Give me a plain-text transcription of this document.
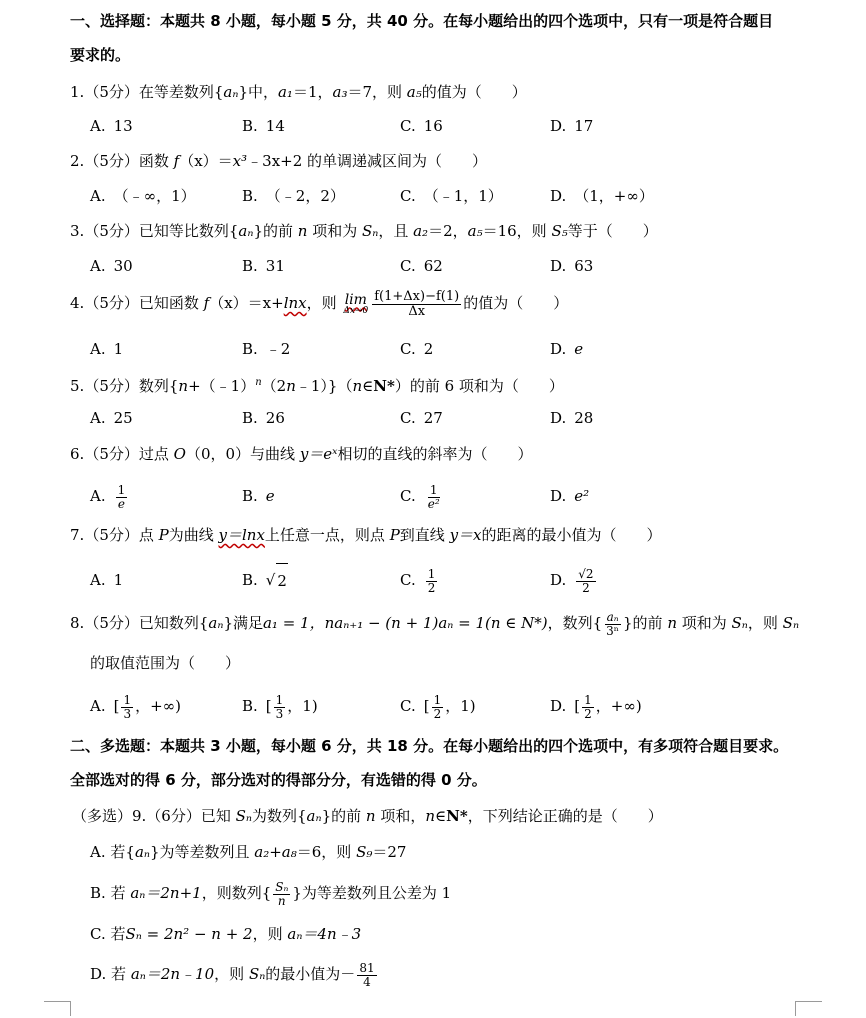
一、选择题：本题共 8 小题，每小题 5 分，共 40 分。在每小题给出的四个选项中，只有一项是符合题目
要求的。
1.（5分）在等差数列{aₙ}中，a₁＝1，a₃＝7，则 a₅的值为（　　）
A. 13	B. 14	C. 16	D. 17
2.（5分）函数 f（x）＝x³﹣3x+2 的单调递减区间为（　　）
A. （﹣∞，1）	B. （﹣2，2）	C. （﹣1，1）	D. （1，+∞）
3.（5分）已知等比数列{aₙ}的前 n 项和为 Sₙ，且 a₂＝2，a₅＝16，则 S₅等于（　　）
A. 30	B. 31	C. 62	D. 63
4.（5分）已知函数 f（x）＝x+lnx，则 lim
$\Delta x\to 0 \frac{f(1+\Delta x)-f(1)}{\Delta x}$ 的值为（　　）
A. 1	B. ﹣2	C. 2	D. e
5.（5分）数列{n+（﹣1）$^n$（2n﹣1）}（n∈N*）的前 6 项和为（　　）
A. 25	B. 26	C. 27	D. 28
6.（5分）过点 O（0，0）与曲线 y＝eˣ相切的直线的斜率为（　　）
A. $\frac{1}{e}$	B. e	C. $\frac{1}{\text{e²}}$	D. e²
7.（5分）点 P为曲线 y＝lnx上任意一点，则点 P到直线 y＝x的距离的最小值为（　　）
A. 1	B. √ 2	C. $\frac{1}{2}$	D. $\frac{√2}{2}$
8.（5分）已知数列{aₙ}满足a₁ = 1，naₙ₊₁ − (n + 1)aₙ = 1(n ∈ N*)，数列{ $\frac{\text{aₙ}}{\text{3ⁿ}}$ }的前 n 项和为 Sₙ，则 Sₙ
的取值范围为（　　）
A. [ $\frac{1}{3}$ ，+∞)	B. [ $\frac{1}{3}$ ，1)	C. [ $\frac{1}{2}$ ，1)	D. [ $\frac{1}{2}$ ，+∞)
二、多选题：本题共 3 小题，每小题 6 分，共 18 分。在每小题给出的四个选项中，有多项符合题目要求。
全部选对的得 6 分，部分选对的得部分分，有选错的得 0 分。
（多选）9.（6分）已知 Sₙ为数列{aₙ}的前 n 项和，n∈N*，下列结论正确的是（　　）
A. 若{aₙ}为等差数列且 a₂+a₈＝6，则 S₉＝27
B. 若 aₙ＝2n+1，则数列{ $\frac{\text{Sₙ}}{n}$ }为等差数列且公差为 1
C. 若Sₙ = 2n² − n + 2，则 aₙ＝4n﹣3
D. 若 aₙ＝2n﹣10，则 Sₙ的最小值为－ $\frac{81}{4}$
